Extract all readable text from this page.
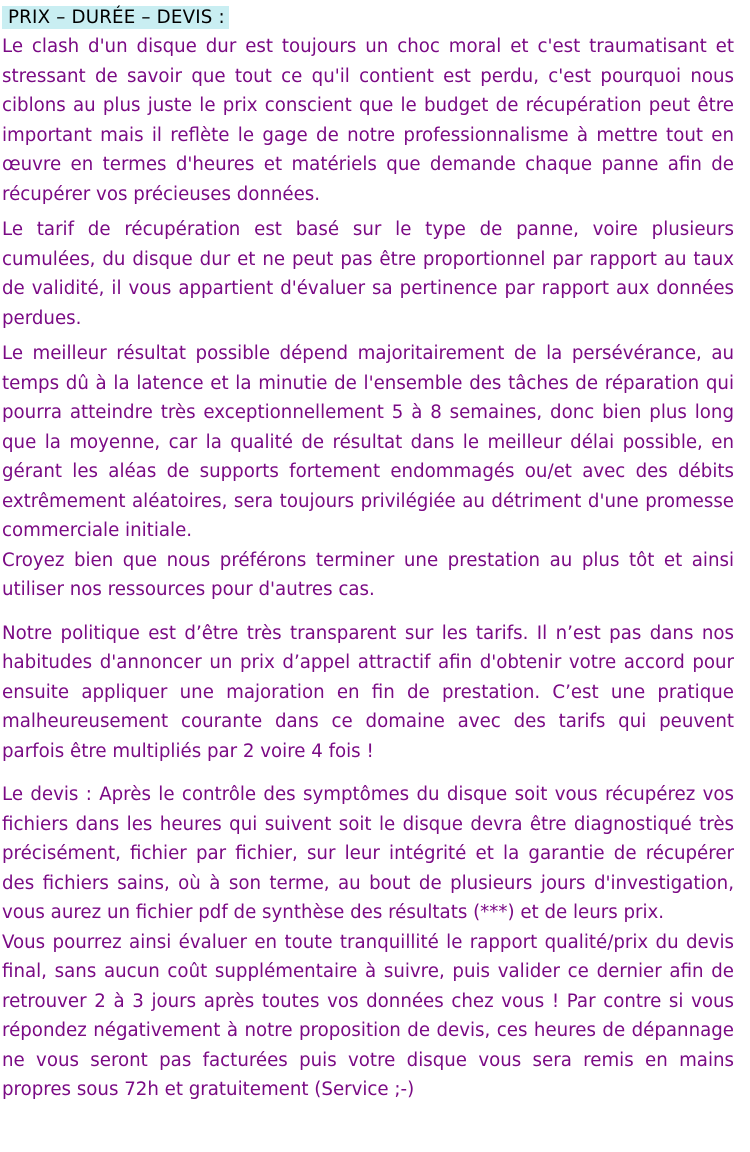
PRIX – DURÉE – DEVIS :

Le clash d'un disque dur est toujours un choc moral et c'est traumatisant et stressant de savoir que tout ce qu'il contient est perdu, c'est pourquoi nous ciblons au plus juste le prix conscient que le budget de récupération peut être important mais il reflète le gage de notre professionnalisme à mettre tout en œuvre en termes d'heures et matériels que demande chaque panne afin de récupérer vos précieuses données.

Le tarif de récupération est basé sur le type de panne, voire plusieurs cumulées, du disque dur et ne peut pas être proportionnel par rapport au taux de validité, il vous appartient d'évaluer sa pertinence par rapport aux données perdues.

Le meilleur résultat possible dépend majoritairement de la persévérance, au temps dû à la latence et la minutie de l'ensemble des tâches de réparation qui pourra atteindre très exceptionnellement 5 à 8 semaines, donc bien plus long que la moyenne, car la qualité de résultat dans le meilleur délai possible, en gérant les aléas de supports fortement endommagés ou/et avec des débits extrêmement aléatoires, sera toujours privilégiée au détriment d'une promesse commerciale initiale.

Croyez bien que nous préférons terminer une prestation au plus tôt et ainsi utiliser nos ressources pour d'autres cas.

Notre politique est d’être très transparent sur les tarifs. Il n’est pas dans nos habitudes d'annoncer un prix d’appel attractif afin d'obtenir votre accord pour ensuite appliquer une majoration en fin de prestation. C’est une pratique malheureusement courante dans ce domaine avec des tarifs qui peuvent parfois être multipliés par 2 voire 4 fois !

Le devis : Après le contrôle des symptômes du disque soit vous récupérez vos fichiers dans les heures qui suivent soit le disque devra être diagnostiqué très précisément, fichier par fichier, sur leur intégrité et la garantie de récupérer des fichiers sains, où à son terme, au bout de plusieurs jours d'investigation, vous aurez un fichier pdf de synthèse des résultats (***) et de leurs prix.

Vous pourrez ainsi évaluer en toute tranquillité le rapport qualité/prix du devis final, sans aucun coût supplémentaire à suivre, puis valider ce dernier afin de retrouver 2 à 3 jours après toutes vos données chez vous ! Par contre si vous répondez négativement à notre proposition de devis, ces heures de dépannage ne vous seront pas facturées puis votre disque vous sera remis en mains propres sous 72h et gratuitement (Service ;-)
